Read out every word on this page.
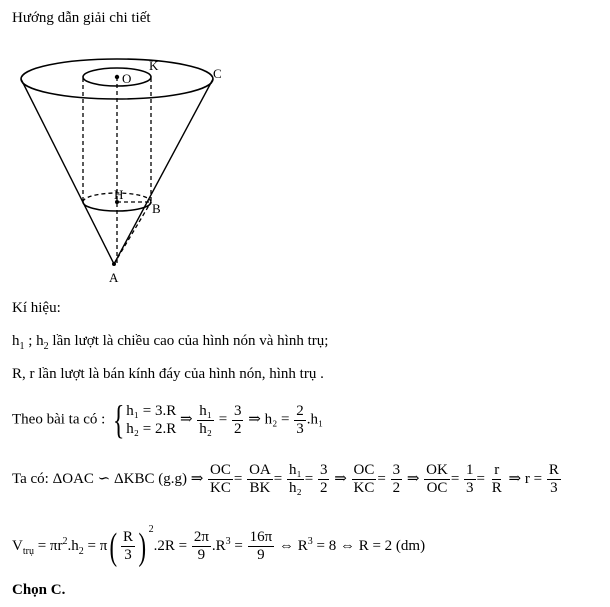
Hướng dẫn giải chi tiết
O
K
C
H
B
A
Kí hiệu:
$h_1$ ; $h_2$ lần lượt là chiều cao của hình nón và hình trụ;
R, r lần lượt là bán kính đáy của hình nón, hình trụ .
Theo bài ta có : { h₁ = 3.R
h₂ = 2.R
⇒ $\frac{\text{h₁}}{\text{h₂}} = \frac{3}{2}$ ⇒ $h_2 = \frac{2}{3} .h_1$
Ta có: ΔOAC ∽ ΔKBC (g.g) ⇒ $\frac{OC}{KC} = \frac{OA}{BK} = \frac{\text{h₁}}{\text{h₂}} = \frac{3}{2}$ ⇒ $\frac{OC}{KC} = \frac{3}{2}$ ⇒ $\frac{OK}{OC} = \frac{1}{3} = \frac{r}{R}$ ⇒ $r = \frac{R}{3}$
$V_{trụ} = \pi r^2.h_2 = \pi( \frac{R}{3}$ ) $^2.2R = \frac{2\pi}{9} .R^3 = \frac{16\pi}{9}$ ⇔ $R^3 = 8$ ⇔ R = 2 (dm)
Chọn C.
